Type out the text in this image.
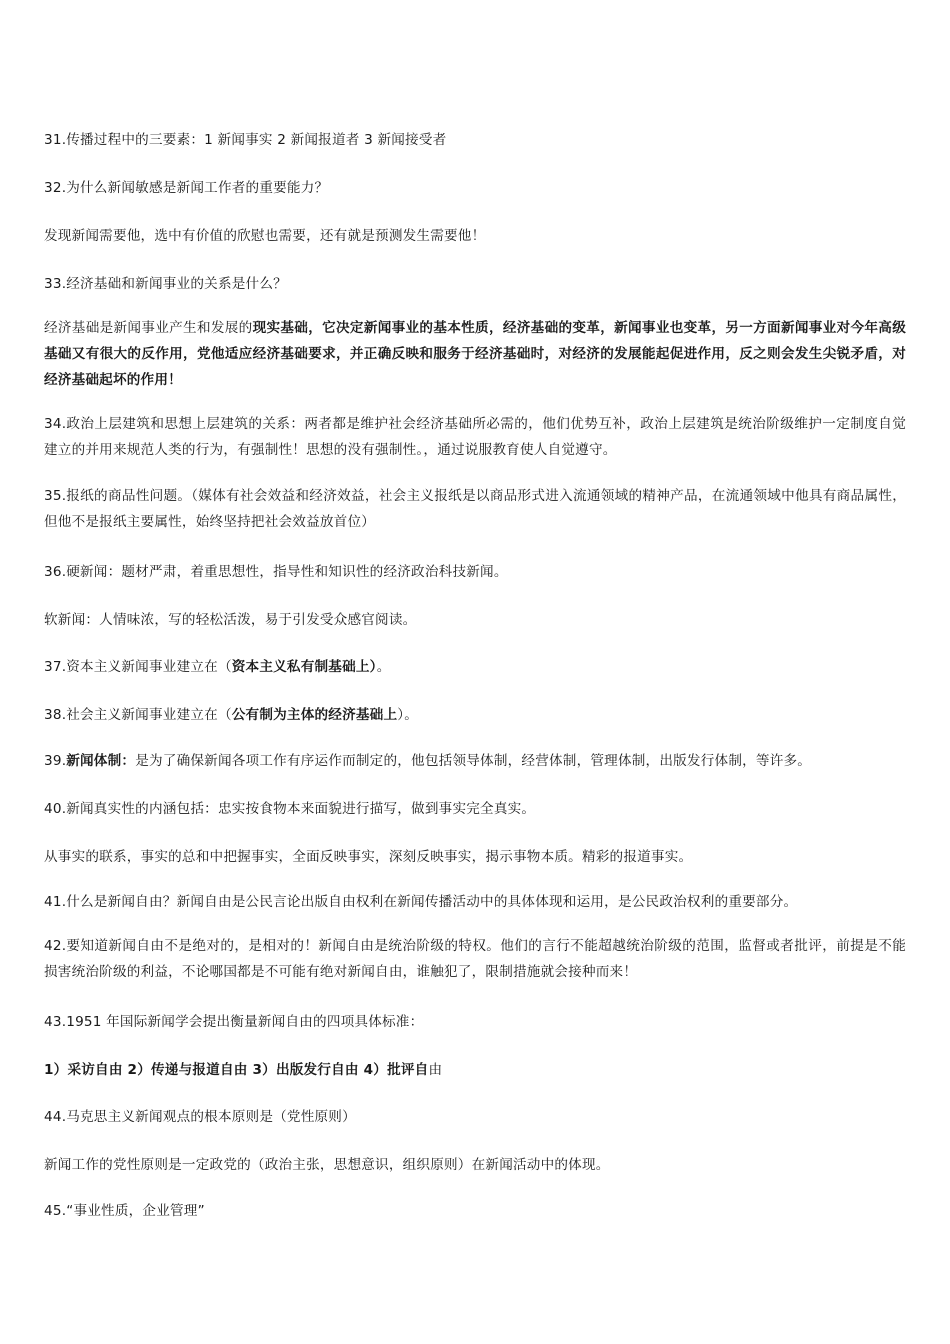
31.传播过程中的三要素：1 新闻事实 2 新闻报道者 3 新闻接受者

32.为什么新闻敏感是新闻工作者的重要能力？

发现新闻需要他，选中有价值的欣慰也需要，还有就是预测发生需要他！

33.经济基础和新闻事业的关系是什么？

经济基础是新闻事业产生和发展的现实基础，它决定新闻事业的基本性质，经济基础的变革，新闻事业也变革，另一方面新闻事业对今年高级基础又有很大的反作用，党他适应经济基础要求，并正确反映和服务于经济基础时，对经济的发展能起促进作用，反之则会发生尖锐矛盾，对经济基础起坏的作用！

34.政治上层建筑和思想上层建筑的关系：两者都是维护社会经济基础所必需的，他们优势互补，政治上层建筑是统治阶级维护一定制度自觉建立的并用来规范人类的行为，有强制性！思想的没有强制性。，通过说服教育使人自觉遵守。

35.报纸的商品性问题。（媒体有社会效益和经济效益，社会主义报纸是以商品形式进入流通领域的精神产品，在流通领域中他具有商品属性，但他不是报纸主要属性，始终坚持把社会效益放首位）

36.硬新闻：题材严肃，着重思想性，指导性和知识性的经济政治科技新闻。

软新闻：人情味浓，写的轻松活泼，易于引发受众感官阅读。

37.资本主义新闻事业建立在（资本主义私有制基础上）。

38.社会主义新闻事业建立在（公有制为主体的经济基础上）。

39.新闻体制：是为了确保新闻各项工作有序运作而制定的，他包括领导体制，经营体制，管理体制，出版发行体制，等许多。

40.新闻真实性的内涵包括：忠实按食物本来面貌进行描写，做到事实完全真实。

从事实的联系，事实的总和中把握事实，全面反映事实，深刻反映事实，揭示事物本质。精彩的报道事实。

41.什么是新闻自由？新闻自由是公民言论出版自由权利在新闻传播活动中的具体体现和运用，是公民政治权利的重要部分。

42.要知道新闻自由不是绝对的，是相对的！新闻自由是统治阶级的特权。他们的言行不能超越统治阶级的范围，监督或者批评，前提是不能损害统治阶级的利益，不论哪国都是不可能有绝对新闻自由，谁触犯了，限制措施就会接种而来！

43.1951 年国际新闻学会提出衡量新闻自由的四项具体标准：

1）采访自由 2）传递与报道自由 3）出版发行自由 4）批评自由

44.马克思主义新闻观点的根本原则是（党性原则）

新闻工作的党性原则是一定政党的（政治主张，思想意识，组织原则）在新闻活动中的体现。

45.“事业性质，企业管理”
